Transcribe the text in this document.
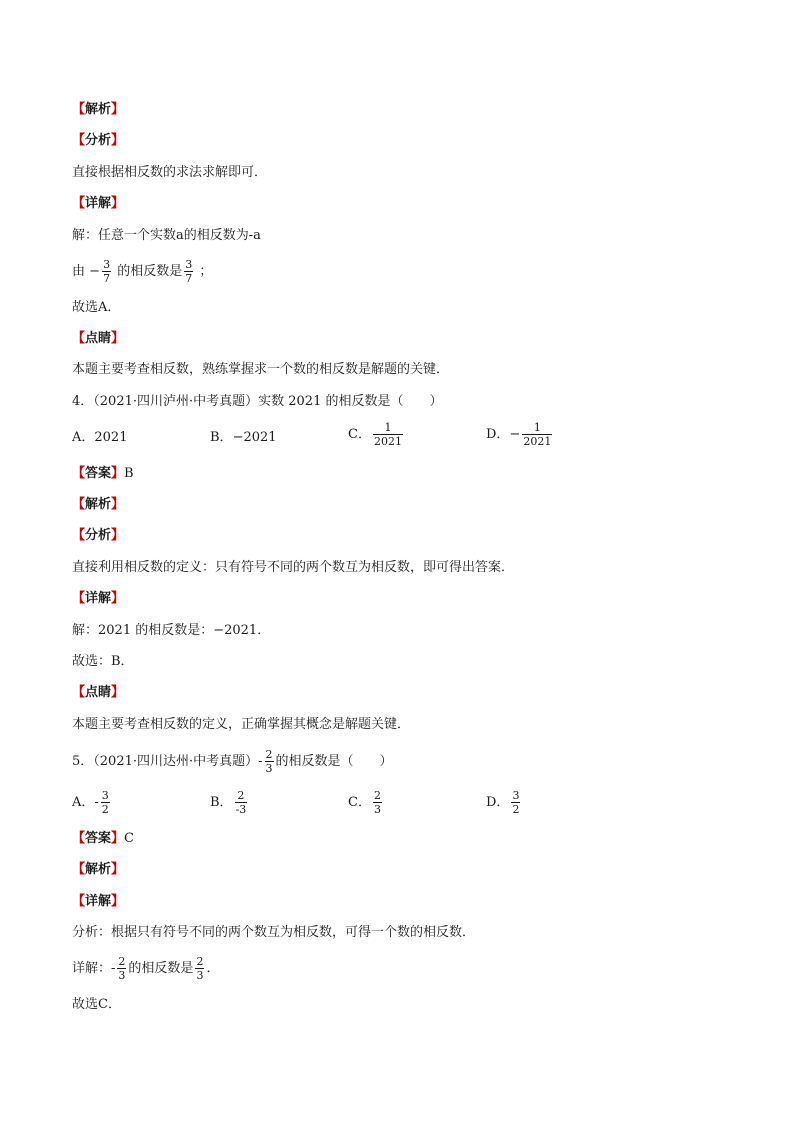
【解析】
【分析】
直接根据相反数的求法求解即可．
【详解】
解：任意一个实数a的相反数为-a
由 − $\frac{3}{7}$ 的相反数是 $\frac{3}{7}$ ；
故选A．
【点睛】
本题主要考查相反数，熟练掌握求一个数的相反数是解题的关键．
4．（2021·四川泸州·中考真题）实数 2021 的相反数是（　　）
A．2021	B．−2021	C． $\frac{1}{2021}$	D．− $\frac{1}{2021}$
【答案】B
【解析】
【分析】
直接利用相反数的定义：只有符号不同的两个数互为相反数，即可得出答案．
【详解】
解：2021 的相反数是：−2021．
故选：B．
【点睛】
本题主要考查相反数的定义，正确掌握其概念是解题关键．
5．（2021·四川达州·中考真题）- $\frac{2}{3}$ 的相反数是（　　）
A．- $\frac{3}{2}$	B． $\frac{2}{-3}$	C． $\frac{2}{3}$	D． $\frac{3}{2}$
【答案】C
【解析】
【详解】
分析：根据只有符号不同的两个数互为相反数，可得一个数的相反数．
详解：- $\frac{2}{3}$ 的相反数是 $\frac{2}{3}$ ．
故选C．
